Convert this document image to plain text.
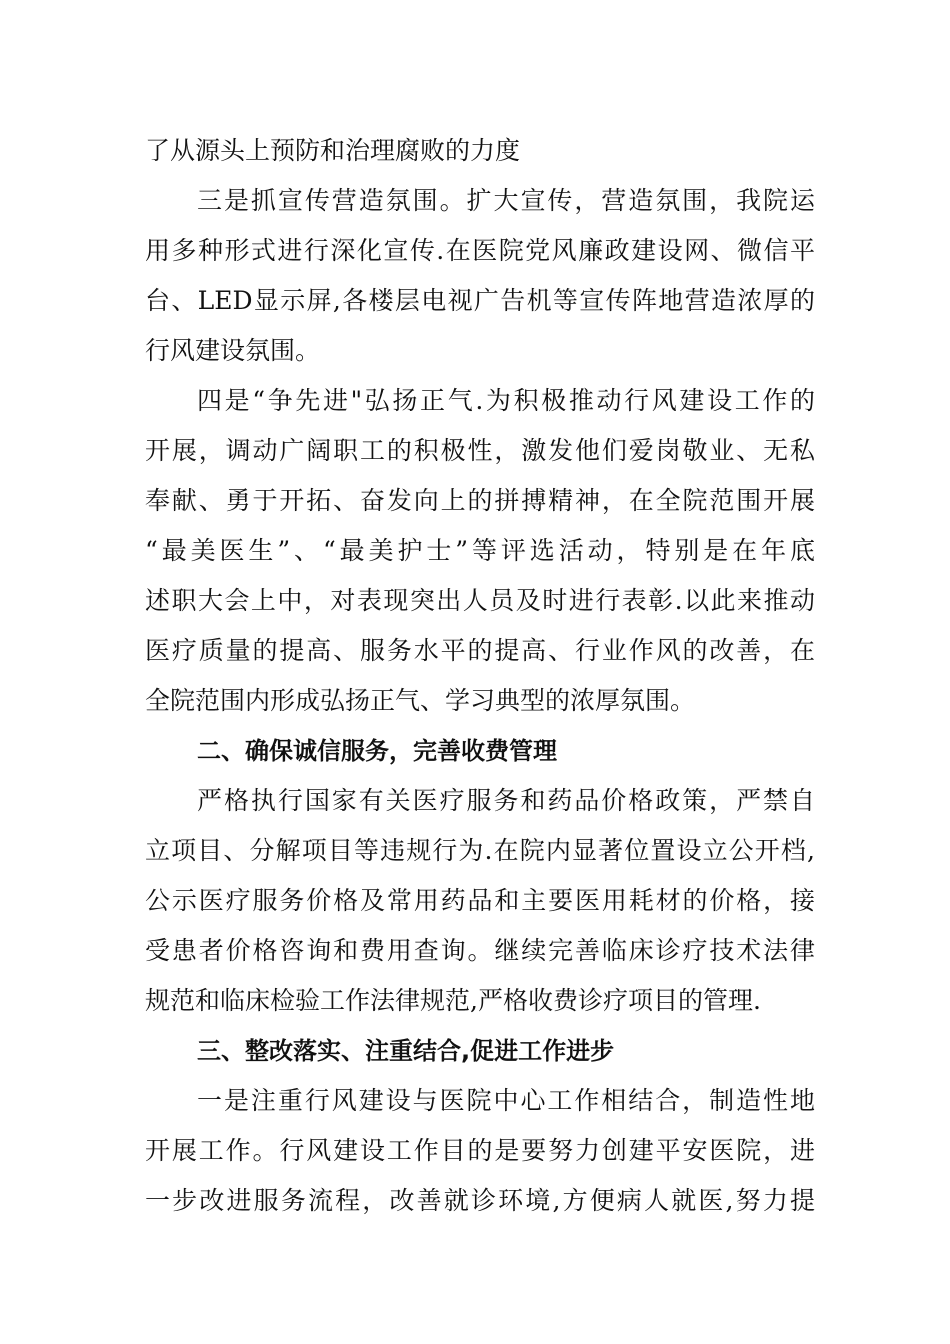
了从源头上预防和治理腐败的力度
三是抓宣传营造氛围。扩大宣传，营造氛围，我院运
用多种形式进行深化宣传.在医院党风廉政建设网、微信平
台、LED显示屏,各楼层电视广告机等宣传阵地营造浓厚的
行风建设氛围。
四是“争先进"弘扬正气.为积极推动行风建设工作的
开展，调动广阔职工的积极性，激发他们爱岗敬业、无私
奉献、勇于开拓、奋发向上的拼搏精神，在全院范围开展
“最美医生”、“最美护士”等评选活动，特别是在年底
述职大会上中，对表现突出人员及时进行表彰.以此来推动
医疗质量的提高、服务水平的提高、行业作风的改善，在
全院范围内形成弘扬正气、学习典型的浓厚氛围。
二、确保诚信服务，完善收费管理
严格执行国家有关医疗服务和药品价格政策，严禁自
立项目、分解项目等违规行为.在院内显著位置设立公开档,
公示医疗服务价格及常用药品和主要医用耗材的价格，接
受患者价格咨询和费用查询。继续完善临床诊疗技术法律
规范和临床检验工作法律规范,严格收费诊疗项目的管理.
三、整改落实、注重结合,促进工作进步
一是注重行风建设与医院中心工作相结合，制造性地
开展工作。行风建设工作目的是要努力创建平安医院，进
一步改进服务流程，改善就诊环境,方便病人就医,努力提
